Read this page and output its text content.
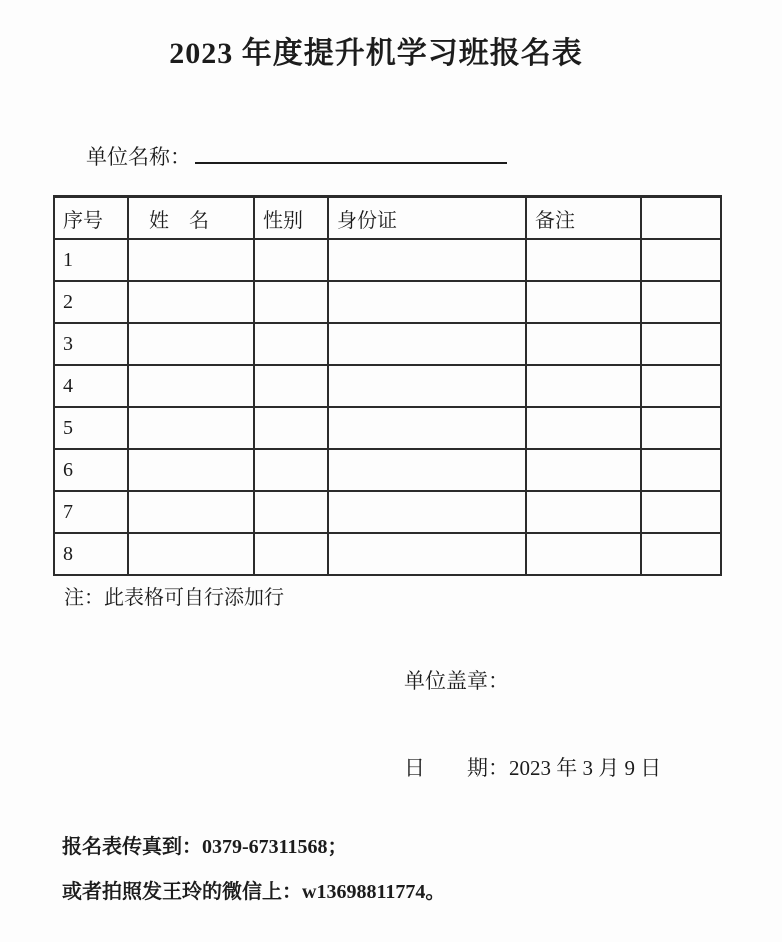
2023 年度提升机学习班报名表

单位名称：

序号	姓　名	性别	身份证	备注	
1					
2					
3					
4					
5					
6					
7					
8					
注：此表格可自行添加行
单位盖章：
日　　期：2023 年 3 月 9 日
报名表传真到：0379-67311568；
或者拍照发王玲的微信上：w13698811774。
